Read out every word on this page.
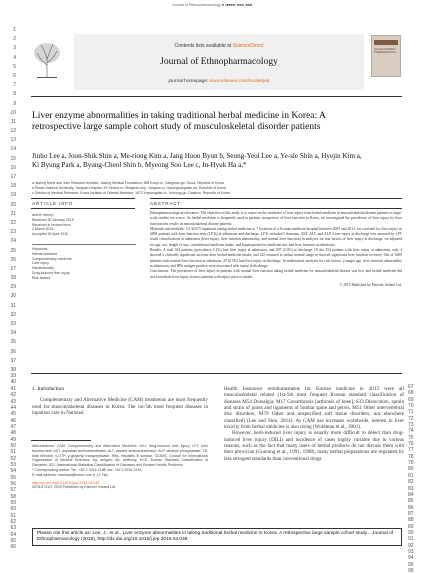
Journal of Ethnopharmacology ■ (■■■■) ■■■–■■■
1
2
3
4
5
6
7
8
9
10
11
12
13
14
15
16
17
18
19
20
21
22
23
24
25
26
27
28
29
30
31
32
33
34
35
36
37
38
39
40
41
42
43
44
45
46
47
48
49
50
51
52
53
54
55
56
57
58
59
60
61
62
63
64
65
66
67
68
69
70
71
72
73
74
75
76
77
78
79
80
81
82
83
84
85
86
87
88
89
90
91
92
93
94
95
96
Contents lists available at ScienceDirect
Journal of Ethnopharmacology
journal homepage: www.elsevier.com/locate/jep
Journal of ETHNO-PHARMACOLOGY
Liver enzyme abnormalities in taking traditional herbal medicine in Korea: A retrospective large sample cohort study of musculoskeletal disorder patients
Jinho Lee a, Joon-Shik Shin a, Me-riong Kim a, Jang Hoon Byun b, Seung-Yeol Lee a, Ye-sle Shin a, Hyejin Kim a, Ki Byung Park a, Byung-Cheol Shin b, Myeong Soo Lee c, In-Hyuk Ha a,*
a Jaseng Spine and Joint Research Institute, Jaseng Medical Foundation, 858 Eonju-ro, Gangnam-gu, Seoul, Republic of Korea
b Pusan National University, Yangsan Hospital, 20 Geumo-ro, Mulgeum-eup, Yangsan-si, Gyeongsangnam-do, Republic of Korea
c Division of Medical Research, Korea Institute of Oriental Medicine, 1672 Yuseongdae-ro, Yuseong-gu, Daejeon, Republic of Korea
ARTICLE INFO	ABSTRACT
Article history:
Received 30 January 2015
Received in revised form
4 March 2015
Accepted 26 April 2015
Keywords:
Herbal medicine
Complementary medicine
Liver injury
Hepatotoxicity
Drug-induced liver injury
Risk factors

Ethnopharmacological relevance: The objective of this study is to report on the incidence of liver injury from herbal medicine in musculoskeletal disease patients as large-scale studies are scarce. As herbal medicine is frequently used in patients irrespective of liver function in Korea, we investigated the prevalence of liver injury by liver function test results in musculoskeletal disease patients.

Materials and methods: Of 32,675 inpatients taking herbal medicine at 7 locations of a Korean medicine hospital between 2005 and 2013, we screened for liver injury in 6894 patients with liver function tests (LFTs) at admission and discharge. LFTs included 5 domains, AST, ALT, and ALP. Liver injury at discharge was assessed by LFT result classifications at admission (liver injury, liver function abnormality, and normal liver function) in analyses for risk factors of liver injury at discharge, we adjusted for age, sex, length of stay, conventional medicine intake, and hepatoprotective medicine use, and liver function at admission.

Results: A total 354 patients (prevalence 5.1%) had liver injury at admission, and 297 (4.3%) at discharge. Of the 354 patients with liver injury at admission, only 4 showed a clinically significant increase after herbal medicine intake, and 225 returned to within normal range or showed significant liver function recovery. Out of 6309 patients with normal liver function at admission, 29 (0.5%) had liver injury at discharge. In multivariate analyses for risk factors, younger age, liver function abnormality at admission, and HBs antigen positive were associated with injury at discharge.

Conclusions: The prevalence of liver injury in patients with normal liver function taking herbal medicine for musculoskeletal disease was low, and herbal medicine did not exacerbate liver injury in most patients with injury prior to intake.

© 2015 Published by Elsevier Ireland Ltd.
1. Introduction

Complementary and Alternative Medicine (CAM) treatments are most frequently used for musculoskeletal diseases in Korea. The 1st-5th most frequent diseases in inpatient care in National

Abbreviations: CAM, Complementary and Alternative Medicine; DILI, drug-induced liver injury; LFT, liver function test; AST, aspartate aminotransferase; ALT, alanine aminotransferase; ALP, alkaline phosphatase; TB, total bilirubin; γ-GTP, γ-glutamyl transpeptidase; HBs, Hepatitis B surface; CIOMS, Council for International Organization of Medical Sciences; Ag, antigen; Ab, antibody; KCD, Korean Standard Classification of Diseases; ICD, International Statistical Classification of Diseases and Related Health Problems
* Corresponding author. Tel.: +82 2 3218 2188; fax: +82 2 3218 2244.
E-mail address: hanihata@naver.com (I.-H. Ha).
http://dx.doi.org/10.1016/j.jep.2015.04.048
0378-8741/© 2015 Published by Elsevier Ireland Ltd.

Health Insurance reimbursements for Korean medicine in 2013 were all musculoskeletal related (1st-5th most frequent Korean standard classification of diseases M54 Dorsalgia, M17 Gonarthrosis [arthrosis of knee], S33 Dislocation, sprain and strain of joints and ligaments of lumbar spine and pelvis, M51 Other intervertebral disc disorders, M79 Other and unspecified soft tissue disorders, not elsewhere classified) (Lee and Shin, 2014). As CAM use increases worldwide, interest in liver toxicity from herbal medicine is also rising (Woldman et al., 2001).

However, herb-induced liver injury is usually more difficult to detect than drug-induced liver injury (DILI) and incidence of cases highly variable due to various reasons, such as the fact that many users of herbal products do not discuss them with their physician (Gunning et al., 1991; 1998), many herbal preparations are regulated by less stringent standards than conventional drugs

Please cite this article as: Lee, J., et al., Liver enzyme abnormalities in taking traditional herbal medicine in Korea: A retrospective large sample cohort study... Journal of Ethnopharmacology (2015), http://dx.doi.org/10.1016/j.jep.2015.04.048
